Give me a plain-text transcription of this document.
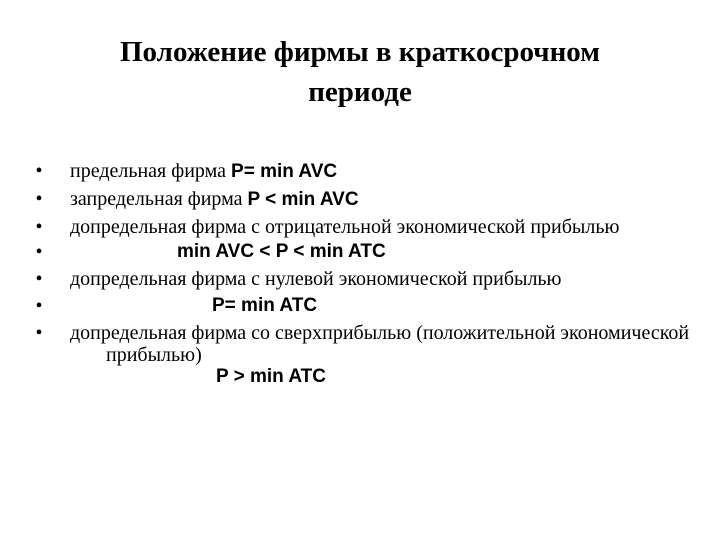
Положение фирмы в краткосрочном
периоде
• предельная фирма P= min AVC
• запредельная фирма P < min AVC
• допредельная фирма с отрицательной экономической прибылью
•	min AVC < P < min ATC
• допредельная фирма с нулевой экономической прибылью
•	P= min ATC
• допредельная фирма со сверхприбылью (положительной экономическойприбылью)
P > min ATC
